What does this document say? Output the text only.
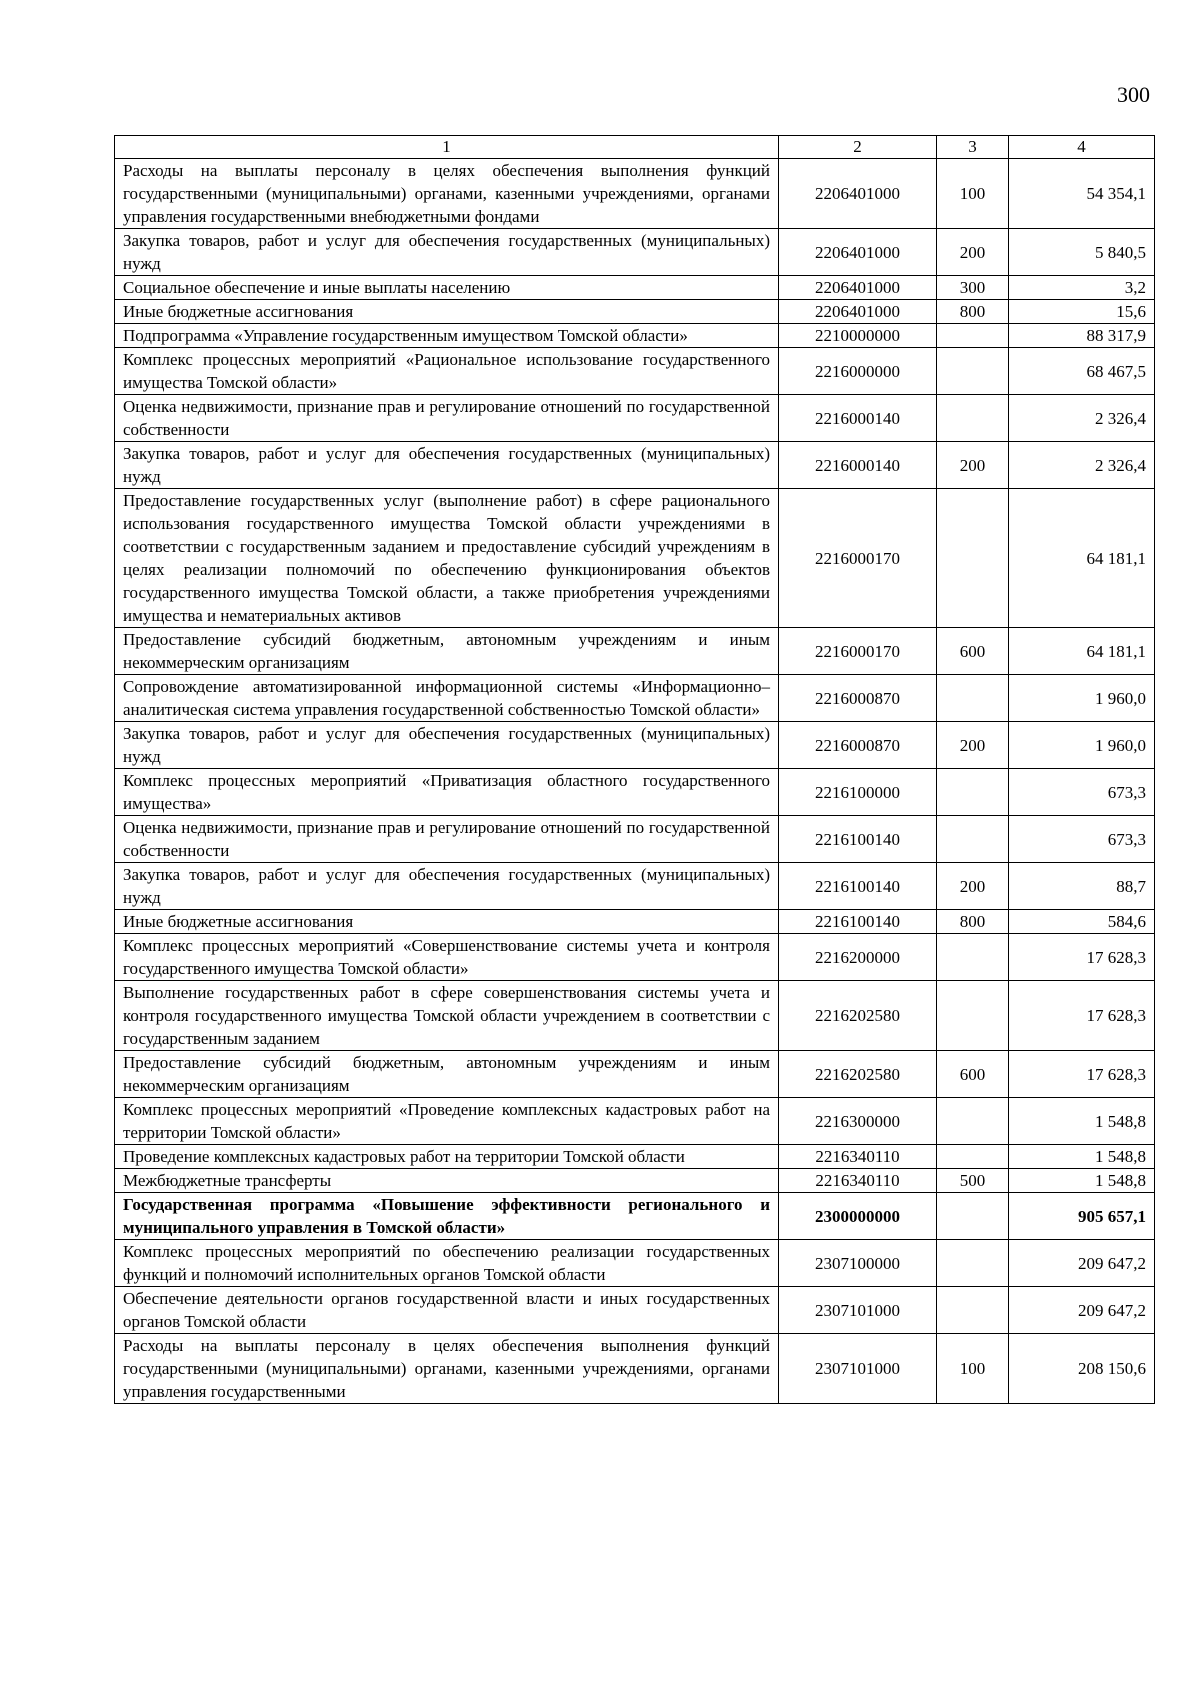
300
1	2	3	4
Расходы на выплаты персоналу в целях обеспечения выполнения функций государственными (муниципальными) органами, казенными учреждениями, органами управления государственными внебюджетными фондами	2206401000	100	54 354,1
Закупка товаров, работ и услуг для обеспечения государственных (муниципальных) нужд	2206401000	200	5 840,5
Социальное обеспечение и иные выплаты населению	2206401000	300	3,2
Иные бюджетные ассигнования	2206401000	800	15,6
Подпрограмма «Управление государственным имуществом Томской области»	2210000000		88 317,9
Комплекс процессных мероприятий «Рациональное использование государственного имущества Томской области»	2216000000		68 467,5
Оценка недвижимости, признание прав и регулирование отношений по государственной собственности	2216000140		2 326,4
Закупка товаров, работ и услуг для обеспечения государственных (муниципальных) нужд	2216000140	200	2 326,4
Предоставление государственных услуг (выполнение работ) в сфере рационального использования государственного имущества Томской области учреждениями в соответствии с государственным заданием и предоставление субсидий учреждениям в целях реализации полномочий по обеспечению функционирования объектов государственного имущества Томской области, а также приобретения учреждениями имущества и нематериальных активов	2216000170		64 181,1
Предоставление субсидий бюджетным, автономным учреждениям и иным некоммерческим организациям	2216000170	600	64 181,1
Сопровождение автоматизированной информационной системы «Информационно–аналитическая система управления государственной собственностью Томской области»	2216000870		1 960,0
Закупка товаров, работ и услуг для обеспечения государственных (муниципальных) нужд	2216000870	200	1 960,0
Комплекс процессных мероприятий «Приватизация областного государственного имущества»	2216100000		673,3
Оценка недвижимости, признание прав и регулирование отношений по государственной собственности	2216100140		673,3
Закупка товаров, работ и услуг для обеспечения государственных (муниципальных) нужд	2216100140	200	88,7
Иные бюджетные ассигнования	2216100140	800	584,6
Комплекс процессных мероприятий «Совершенствование системы учета и контроля государственного имущества Томской области»	2216200000		17 628,3
Выполнение государственных работ в сфере совершенствования системы учета и контроля государственного имущества Томской области учреждением в соответствии с государственным заданием	2216202580		17 628,3
Предоставление субсидий бюджетным, автономным учреждениям и иным некоммерческим организациям	2216202580	600	17 628,3
Комплекс процессных мероприятий «Проведение комплексных кадастровых работ на территории Томской области»	2216300000		1 548,8
Проведение комплексных кадастровых работ на территории Томской области	2216340110		1 548,8
Межбюджетные трансферты	2216340110	500	1 548,8
Государственная программа «Повышение эффективности регионального и муниципального управления в Томской области»	2300000000		905 657,1
Комплекс процессных мероприятий по обеспечению реализации государственных функций и полномочий исполнительных органов Томской области	2307100000		209 647,2
Обеспечение деятельности органов государственной власти и иных государственных органов Томской области	2307101000		209 647,2
Расходы на выплаты персоналу в целях обеспечения выполнения функций государственными (муниципальными) органами, казенными учреждениями, органами управления государственными	2307101000	100	208 150,6
